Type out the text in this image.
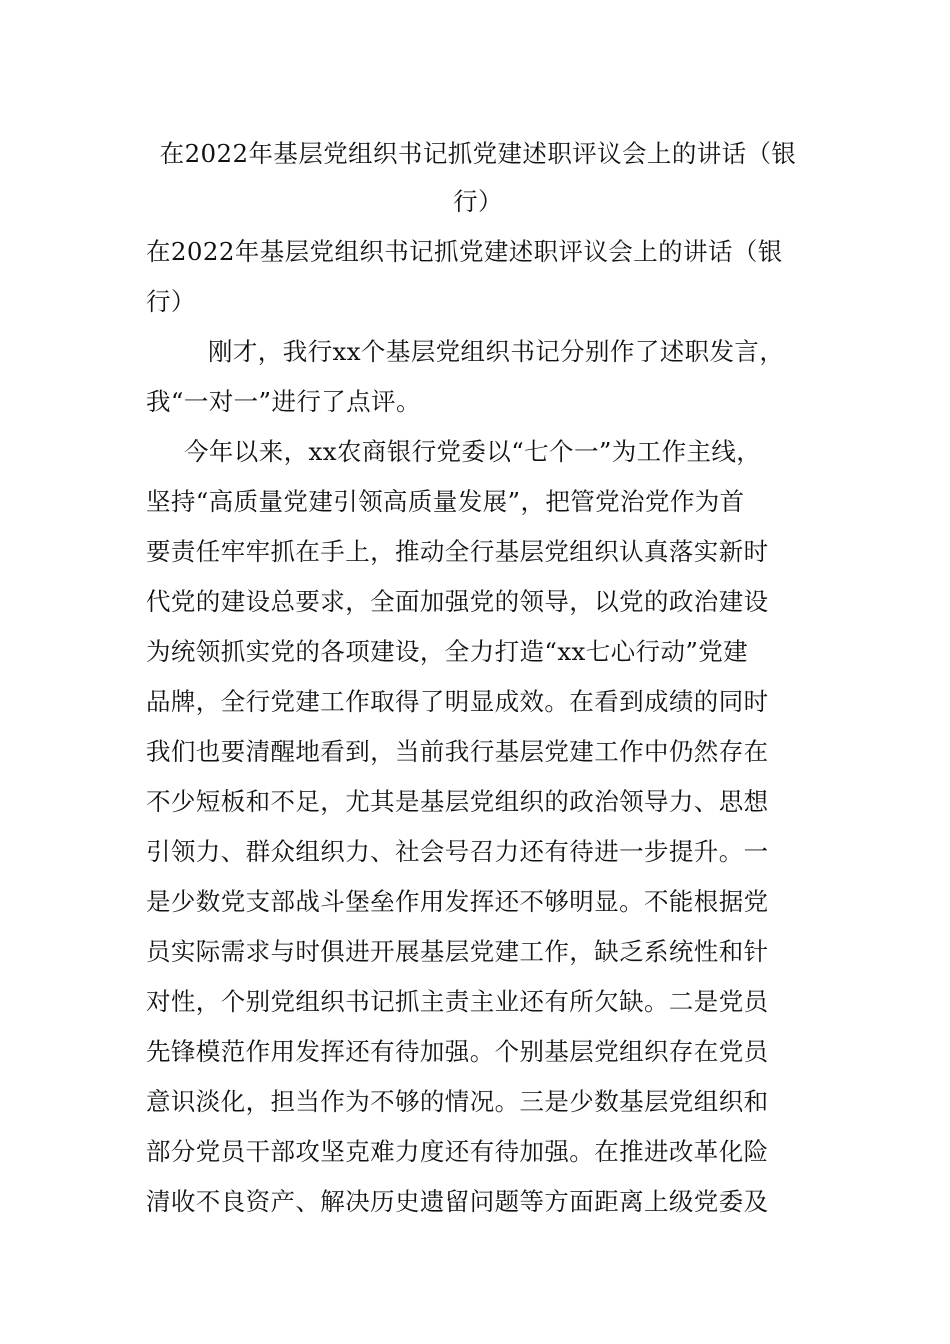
在2022年基层党组织书记抓党建述职评议会上的讲话（银
行）
在2022年基层党组织书记抓党建述职评议会上的讲话（银
行）
刚才，我行xx个基层党组织书记分别作了述职发言，
我“一对一”进行了点评。
今年以来，xx农商银行党委以“七个一”为工作主线，
坚持“高质量党建引领高质量发展”，把管党治党作为首
要责任牢牢抓在手上，推动全行基层党组织认真落实新时
代党的建设总要求，全面加强党的领导，以党的政治建设
为统领抓实党的各项建设，全力打造“xx七心行动”党建
品牌，全行党建工作取得了明显成效。在看到成绩的同时
我们也要清醒地看到，当前我行基层党建工作中仍然存在
不少短板和不足，尤其是基层党组织的政治领导力、思想
引领力、群众组织力、社会号召力还有待进一步提升。一
是少数党支部战斗堡垒作用发挥还不够明显。不能根据党
员实际需求与时俱进开展基层党建工作，缺乏系统性和针
对性，个别党组织书记抓主责主业还有所欠缺。二是党员
先锋模范作用发挥还有待加强。个别基层党组织存在党员
意识淡化，担当作为不够的情况。三是少数基层党组织和
部分党员干部攻坚克难力度还有待加强。在推进改革化险
清收不良资产、解决历史遗留问题等方面距离上级党委及
